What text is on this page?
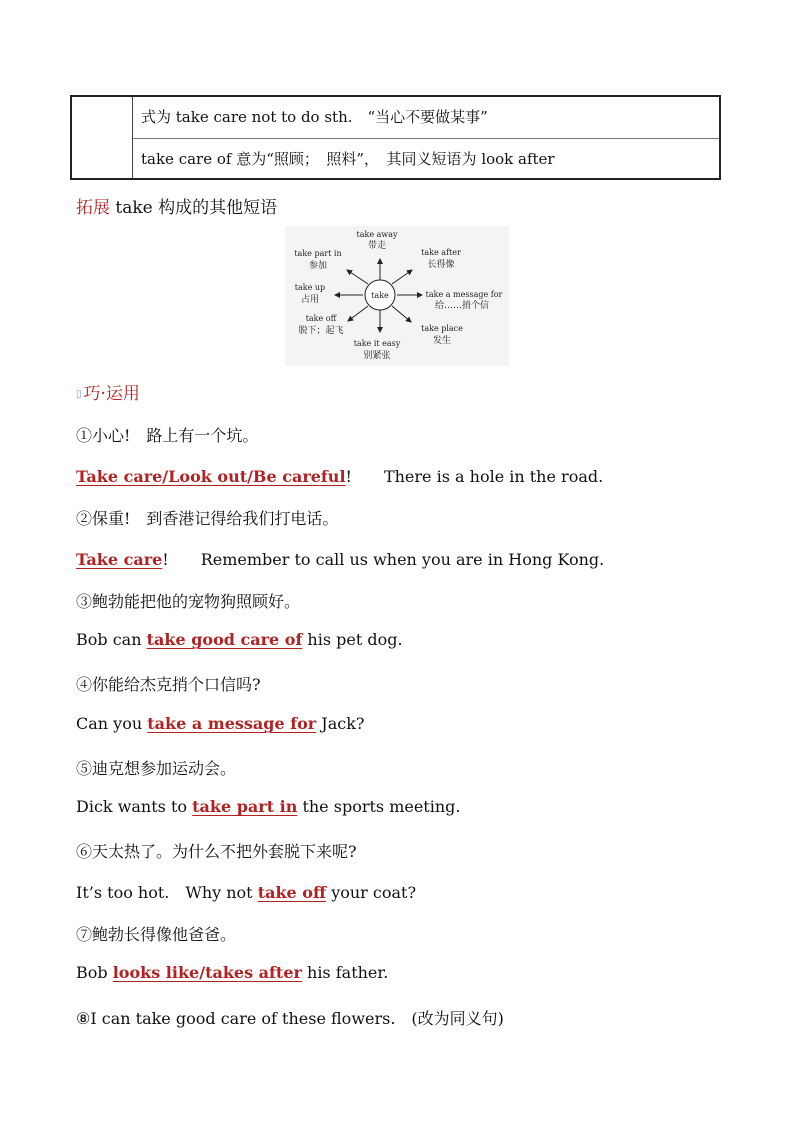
式为 take care not to do sth.　“当心不要做某事”
take care of 意为“照顾；　照料”，　其同义短语为 look after
拓展 take 构成的其他短语
take
take away
带走
take after
长得像
take a message for
给……捎个信
take place
发生
take it easy
别紧张
take off
脱下；起飞
take up
占用
take part in
参加
▯ 巧·运用
①小心!　路上有一个坑。
Take care/Look out/Be careful!　　There is a hole in the road.
②保重!　到香港记得给我们打电话。
Take care!　　Remember to call us when you are in Hong Kong.
③鲍勃能把他的宠物狗照顾好。
Bob can take good care of his pet dog.
④你能给杰克捎个口信吗?
Can you take a message for Jack?
⑤迪克想参加运动会。
Dick wants to take part in the sports meeting.
⑥天太热了。为什么不把外套脱下来呢?
It’s too hot.　Why not take off your coat?
⑦鲍勃长得像他爸爸。
Bob looks like/takes after his father.
⑧I can take good care of these flowers.　(改为同义句)
